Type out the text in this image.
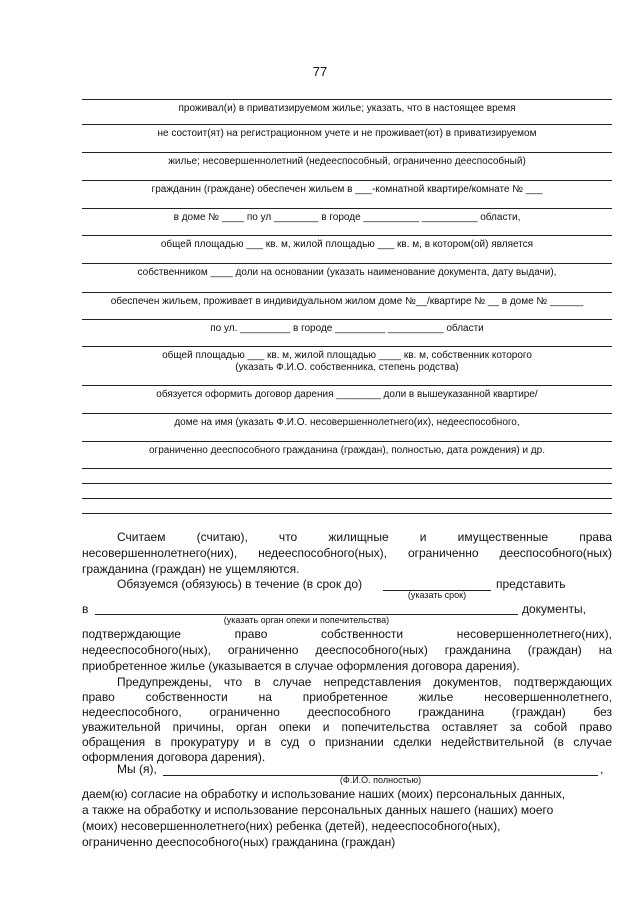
77
проживал(и) в приватизируемом жилье; указать, что в настоящее время
не состоит(ят) на регистрационном учете и не проживает(ют) в приватизируемом
жилье; несовершеннолетний (недееспособный, ограниченно дееспособный)
гражданин (граждане) обеспечен жильем в ___-комнатной квартире/комнате № ___
в доме № ____ по ул ________ в городе __________ __________ области,
общей площадью ___ кв. м, жилой площадью ___ кв. м, в котором(ой) является
собственником ____ доли на основании (указать наименование документа, дату выдачи),
обеспечен жильем, проживает в индивидуальном жилом доме №__/квартире № __ в доме № ______
по ул. _________ в городе _________ __________ области
общей площадью ___ кв. м, жилой площадью ____ кв. м, собственник которого
(указать Ф.И.О. собственника, степень родства)
обязуется оформить договор дарения ________ доли в вышеуказанной квартире/
доме на имя (указать Ф.И.О. несовершеннолетнего(их), недееспособного,
ограниченно дееспособного гражданина (граждан), полностью, дата рождения) и др.
Считаем (считаю), что жилищные и имущественные права
несовершеннолетнего(них), недееспособного(ных), ограниченно дееспособного(ных)
гражданина (граждан) не ущемляются.
Обязуемся (обязуюсь) в течение (в срок до)	представить
(указать срок)
в	документы,
(указать орган опеки и попечительства)
подтверждающие право собственности несовершеннолетнего(них),
недееспособного(ных), ограниченно дееспособного(ных) гражданина (граждан) на
приобретенное жилье (указывается в случае оформления договора дарения).
Предупреждены, что в случае непредставления документов, подтверждающих
право собственности на приобретенное жилье несовершеннолетнего,
недееспособного, ограниченно дееспособного гражданина (граждан) без
уважительной причины, орган опеки и попечительства оставляет за собой право
обращения в прокуратуру и в суд о признании сделки недействительной (в случае
оформления договора дарения).
Мы (я),	,
(Ф.И.О. полностью)
даем(ю) согласие на обработку и использование наших (моих) персональных данных,
а также на обработку и использование персональных данных нашего (наших) моего
(моих) несовершеннолетнего(них) ребенка (детей), недееспособного(ных),
ограниченно дееспособного(ных) гражданина (граждан)
